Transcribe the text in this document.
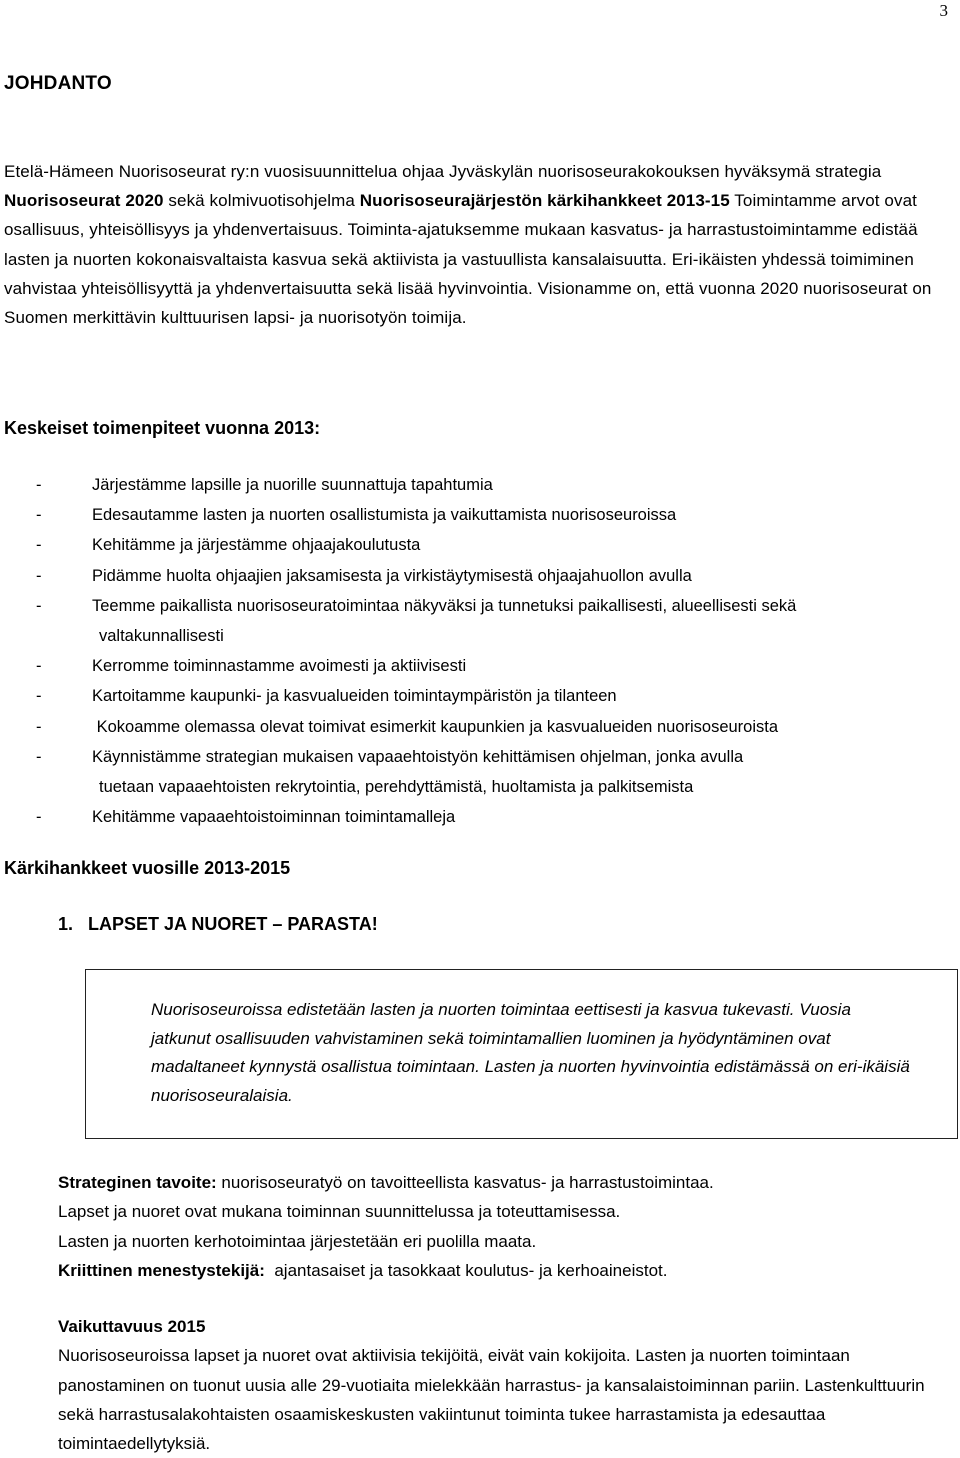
3
JOHDANTO
Etelä-Hämeen Nuorisoseurat ry:n vuosisuunnittelua ohjaa Jyväskylän nuorisoseurakokouksen hyväksymä strategia Nuorisoseurat 2020 sekä kolmivuotisohjelma Nuorisoseurajärjestön kärkihankkeet 2013-15 Toimintamme arvot ovat osallisuus, yhteisöllisyys ja yhdenvertaisuus. Toiminta-ajatuksemme mukaan kasvatus- ja harrastustoimintamme edistää lasten ja nuorten kokonaisvaltaista kasvua sekä aktiivista ja vastuullista kansalaisuutta. Eri-ikäisten yhdessä toimiminen vahvistaa yhteisöllisyyttä ja yhdenvertaisuutta sekä lisää hyvinvointia. Visionamme on, että vuonna 2020 nuorisoseurat on Suomen merkittävin kulttuurisen lapsi- ja nuorisotyön toimija.
Keskeiset toimenpiteet vuonna 2013:
-	Järjestämme lapsille ja nuorille suunnattuja tapahtumia
-	Edesautamme lasten ja nuorten osallistumista ja vaikuttamista nuorisoseuroissa
-	Kehitämme ja järjestämme ohjaajakoulutusta
-	Pidämme huolta ohjaajien jaksamisesta ja virkistäytymisestä ohjaajahuollon avulla
-	Teemme paikallista nuorisoseuratoimintaa näkyväksi ja tunnetuksi paikallisesti, alueellisesti sekä
valtakunnallisesti
-	Kerromme toiminnastamme avoimesti ja aktiivisesti
-	Kartoitamme kaupunki- ja kasvualueiden toimintaympäristön ja tilanteen
-	Kokoamme olemassa olevat toimivat esimerkit kaupunkien ja kasvualueiden nuorisoseuroista
-	Käynnistämme strategian mukaisen vapaaehtoistyön kehittämisen ohjelman, jonka avulla
tuetaan vapaaehtoisten rekrytointia, perehdyttämistä, huoltamista ja palkitsemista
-	Kehitämme vapaaehtoistoiminnan toimintamalleja
Kärkihankkeet vuosille 2013-2015
1.   LAPSET JA NUORET – PARASTA!

Nuorisoseuroissa edistetään lasten ja nuorten toimintaa eettisesti ja kasvua tukevasti. Vuosia jatkunut osallisuuden vahvistaminen sekä toimintamallien luominen ja hyödyntäminen ovat madaltaneet kynnystä osallistua toimintaan. Lasten ja nuorten hyvinvointia edistämässä on eri-ikäisiä nuorisoseuralaisia.

Strateginen tavoite: nuorisoseuratyö on tavoitteellista kasvatus- ja harrastustoimintaa.
Lapset ja nuoret ovat mukana toiminnan suunnittelussa ja toteuttamisessa.
Lasten ja nuorten kerhotoimintaa järjestetään eri puolilla maata.
Kriittinen menestystekijä:  ajantasaiset ja tasokkaat koulutus- ja kerhoaineistot.
Vaikuttavuus 2015
Nuorisoseuroissa lapset ja nuoret ovat aktiivisia tekijöitä, eivät vain kokijoita. Lasten ja nuorten toimintaan panostaminen on tuonut uusia alle 29-vuotiaita mielekkään harrastus- ja kansalaistoiminnan pariin. Lastenkulttuurin sekä harrastusalakohtaisten osaamiskeskusten vakiintunut toiminta tukee harrastamista ja edesauttaa toimintaedellytyksiä.
